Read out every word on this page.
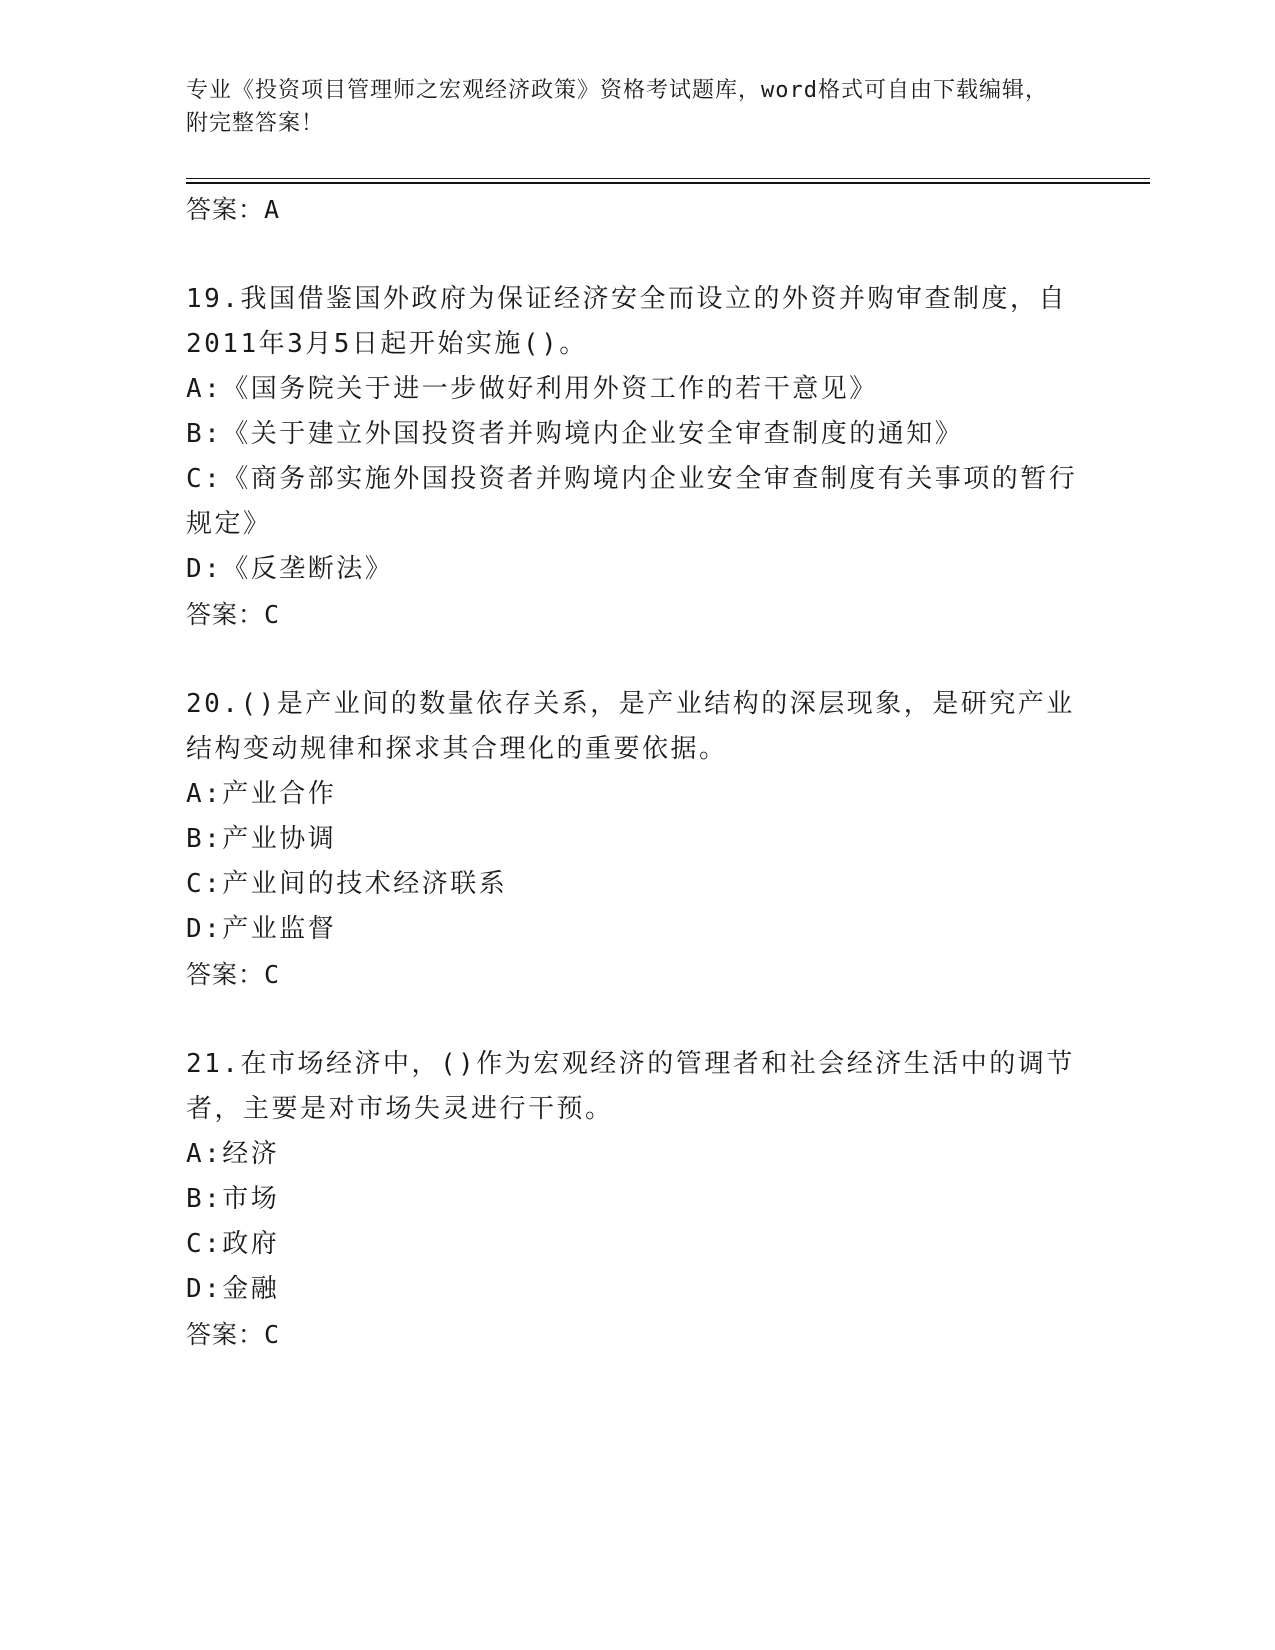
专业《投资项目管理师之宏观经济政策》资格考试题库，word格式可自由下载编辑，附完整答案！
答案：A
19.我国借鉴国外政府为保证经济安全而设立的外资并购审查制度，自2011年3月5日起开始实施()。
A:《国务院关于进一步做好利用外资工作的若干意见》
B:《关于建立外国投资者并购境内企业安全审查制度的通知》
C:《商务部实施外国投资者并购境内企业安全审查制度有关事项的暂行规定》
D:《反垄断法》
答案：C
20.()是产业间的数量依存关系，是产业结构的深层现象，是研究产业结构变动规律和探求其合理化的重要依据。
A:产业合作
B:产业协调
C:产业间的技术经济联系
D:产业监督
答案：C
21.在市场经济中，()作为宏观经济的管理者和社会经济生活中的调节者，主要是对市场失灵进行干预。
A:经济
B:市场
C:政府
D:金融
答案：C
